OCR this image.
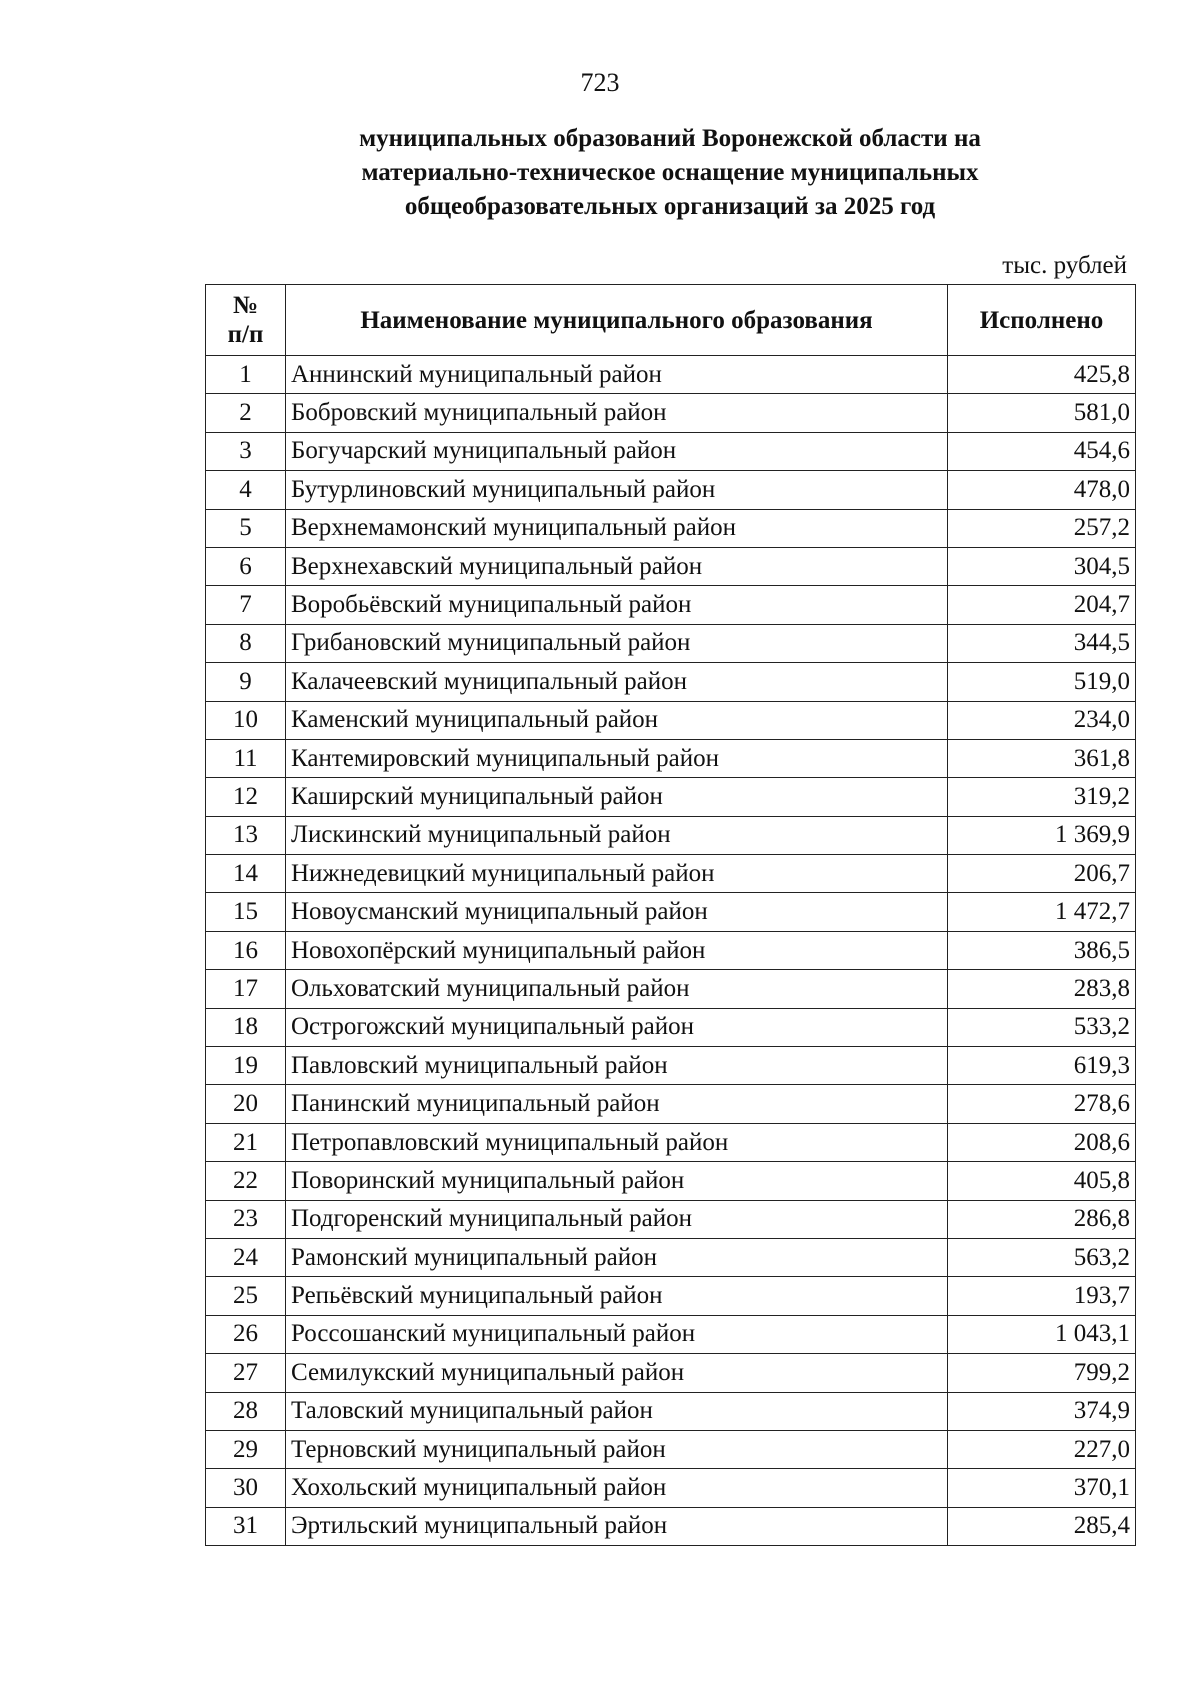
723
муниципальных образований Воронежской области на
материально-техническое оснащение муниципальных
общеобразовательных организаций за 2025 год
тыс. рублей
№
п/п	Наименование муниципального образования	Исполнено
1	Аннинский муниципальный район	425,8
2	Бобровский муниципальный район	581,0
3	Богучарский муниципальный район	454,6
4	Бутурлиновский муниципальный район	478,0
5	Верхнемамонский муниципальный район	257,2
6	Верхнехавский муниципальный район	304,5
7	Воробьёвский муниципальный район	204,7
8	Грибановский муниципальный район	344,5
9	Калачеевский муниципальный район	519,0
10	Каменский муниципальный район	234,0
11	Кантемировский муниципальный район	361,8
12	Каширский муниципальный район	319,2
13	Лискинский муниципальный район	1 369,9
14	Нижнедевицкий муниципальный район	206,7
15	Новоусманский муниципальный район	1 472,7
16	Новохопёрский муниципальный район	386,5
17	Ольховатский муниципальный район	283,8
18	Острогожский муниципальный район	533,2
19	Павловский муниципальный район	619,3
20	Панинский муниципальный район	278,6
21	Петропавловский муниципальный район	208,6
22	Поворинский муниципальный район	405,8
23	Подгоренский муниципальный район	286,8
24	Рамонский муниципальный район	563,2
25	Репьёвский муниципальный район	193,7
26	Россошанский муниципальный район	1 043,1
27	Семилукский муниципальный район	799,2
28	Таловский муниципальный район	374,9
29	Терновский муниципальный район	227,0
30	Хохольский муниципальный район	370,1
31	Эртильский муниципальный район	285,4
